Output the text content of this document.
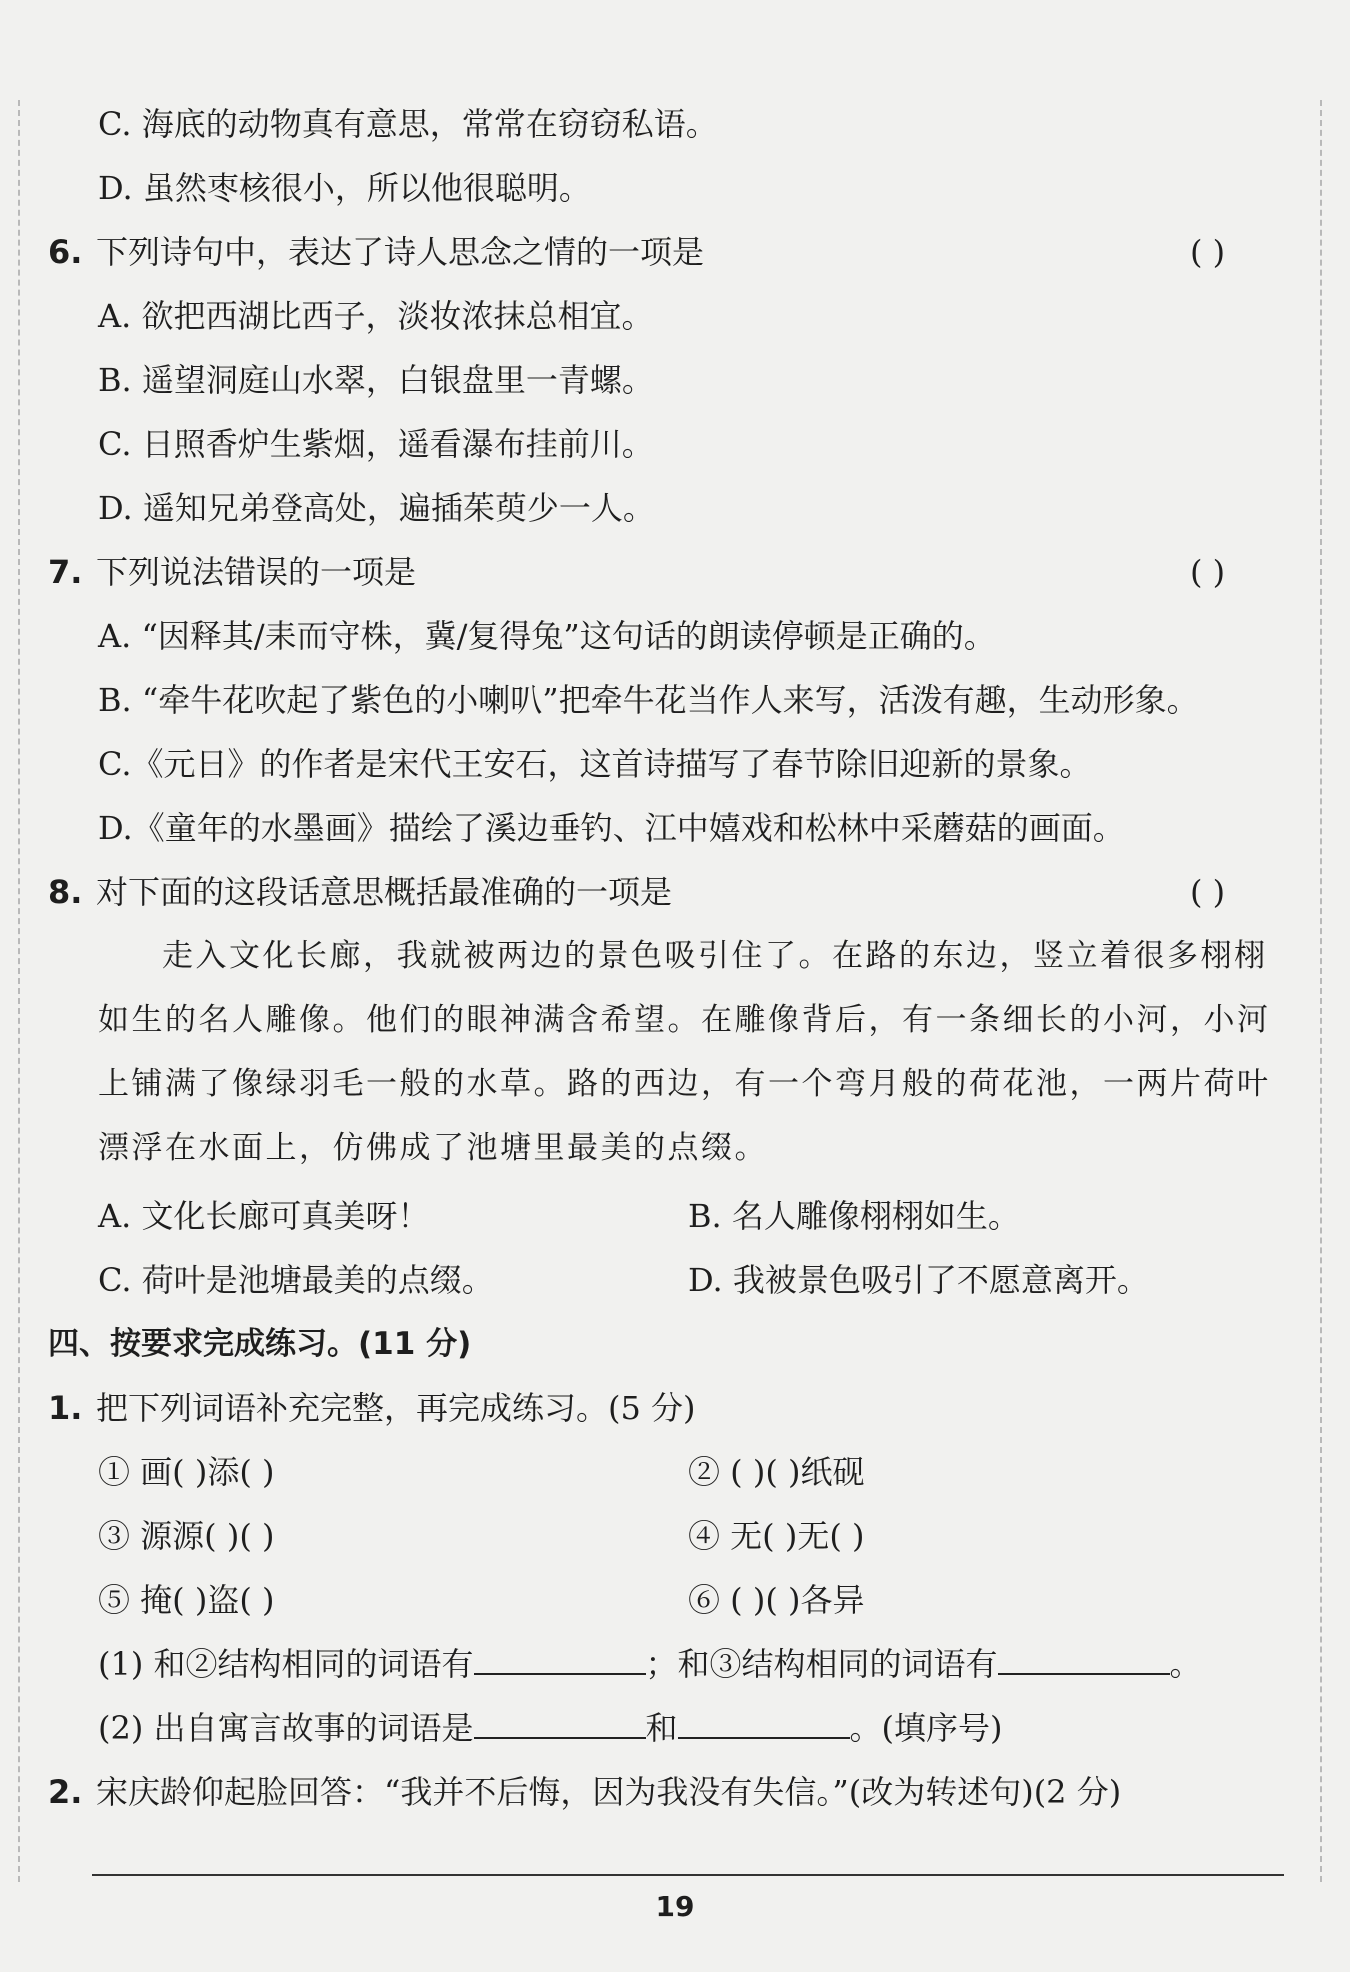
C. 海底的动物真有意思，常常在窃窃私语。
D. 虽然枣核很小，所以他很聪明。
6. 下列诗句中，表达了诗人思念之情的一项是	( )
A. 欲把西湖比西子，淡妆浓抹总相宜。
B. 遥望洞庭山水翠，白银盘里一青螺。
C. 日照香炉生紫烟，遥看瀑布挂前川。
D. 遥知兄弟登高处，遍插茱萸少一人。
7. 下列说法错误的一项是	( )
A. “因释其/耒而守株，冀/复得兔”这句话的朗读停顿是正确的。
B. “牵牛花吹起了紫色的小喇叭”把牵牛花当作人来写，活泼有趣，生动形象。
C.《元日》的作者是宋代王安石，这首诗描写了春节除旧迎新的景象。
D.《童年的水墨画》描绘了溪边垂钓、江中嬉戏和松林中采蘑菇的画面。
8. 对下面的这段话意思概括最准确的一项是	( )
走入文化长廊，我就被两边的景色吸引住了。在路的东边，竖立着很多栩栩
如生的名人雕像。他们的眼神满含希望。在雕像背后，有一条细长的小河，小河
上铺满了像绿羽毛一般的水草。路的西边，有一个弯月般的荷花池，一两片荷叶
漂浮在水面上，仿佛成了池塘里最美的点缀。
A. 文化长廊可真美呀！	B. 名人雕像栩栩如生。
C. 荷叶是池塘最美的点缀。	D. 我被景色吸引了不愿意离开。
四、按要求完成练习。(11 分)
1. 把下列词语补充完整，再完成练习。(5 分)
① 画( )添( )	② ( )( )纸砚
③ 源源( )( )	④ 无( )无( )
⑤ 掩( )盗( )	⑥ ( )( )各异
(1) 和②结构相同的词语有	；和③结构相同的词语有	。
(2) 出自寓言故事的词语是	和	。(填序号)
2. 宋庆龄仰起脸回答：“我并不后悔，因为我没有失信。”(改为转述句)(2 分)
19
